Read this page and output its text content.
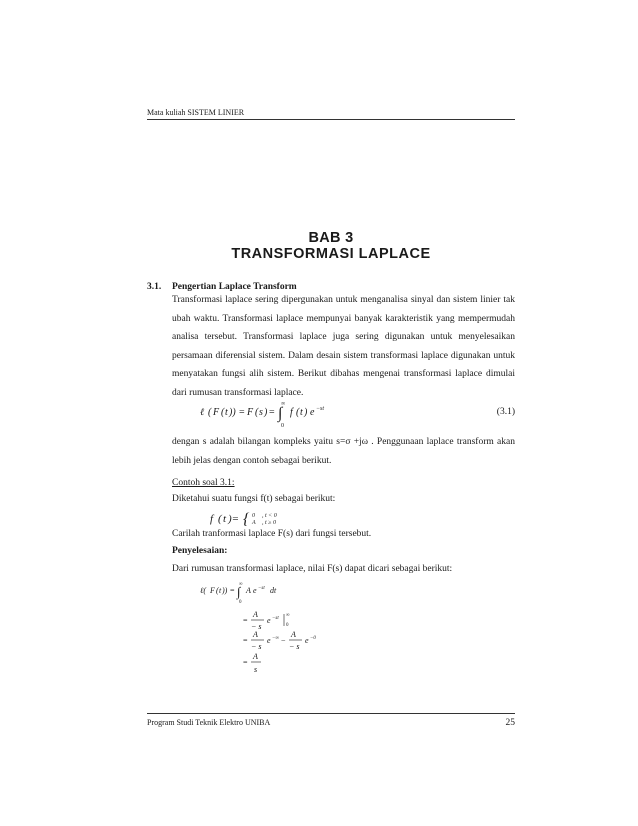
Mata kuliah SISTEM LINIER
BAB 3
TRANSFORMASI LAPLACE
3.1. Pengertian Laplace Transform

Transformasi laplace sering dipergunakan untuk menganalisa sinyal dan sistem linier tak ubah waktu. Transformasi laplace mempunyai banyak karakteristik yang mempermudah analisa tersebut. Transformasi laplace juga sering digunakan untuk menyelesaikan persamaan diferensial sistem. Dalam desain sistem transformasi laplace digunakan untuk menyatakan fungsi alih sistem. Berikut dibahas mengenai transformasi laplace dimulai dari rumusan transformasi laplace.

ℓ ( F ( t )) = F ( s ) = ∫
∞
0
f ( t ) e −st	(3.1)

dengan s adalah bilangan kompleks yaitu s=σ +jω . Penggunaan laplace transform akan lebih jelas dengan contoh sebagai berikut.

Contoh soal 3.1:
Diketahui suatu fungsi f(t) sebagai berikut:
f ( t )= { 0
A
, t < 0
, t ≥ 0
Carilah tranformasi laplace F(s) dari fungsi tersebut.
Penyelesaian:
Dari rumusan transformasi laplace, nilai F(s) dapat dicari sebagai berikut:
ℓ( F ( t )) = ∫
∞
0
A e −st dt
=
A
− s
e −st
∞
0
=
A
− s
e −∞ −
A
− s
e −0
=
A
s
Program Studi Teknik Elektro UNIBA	25
